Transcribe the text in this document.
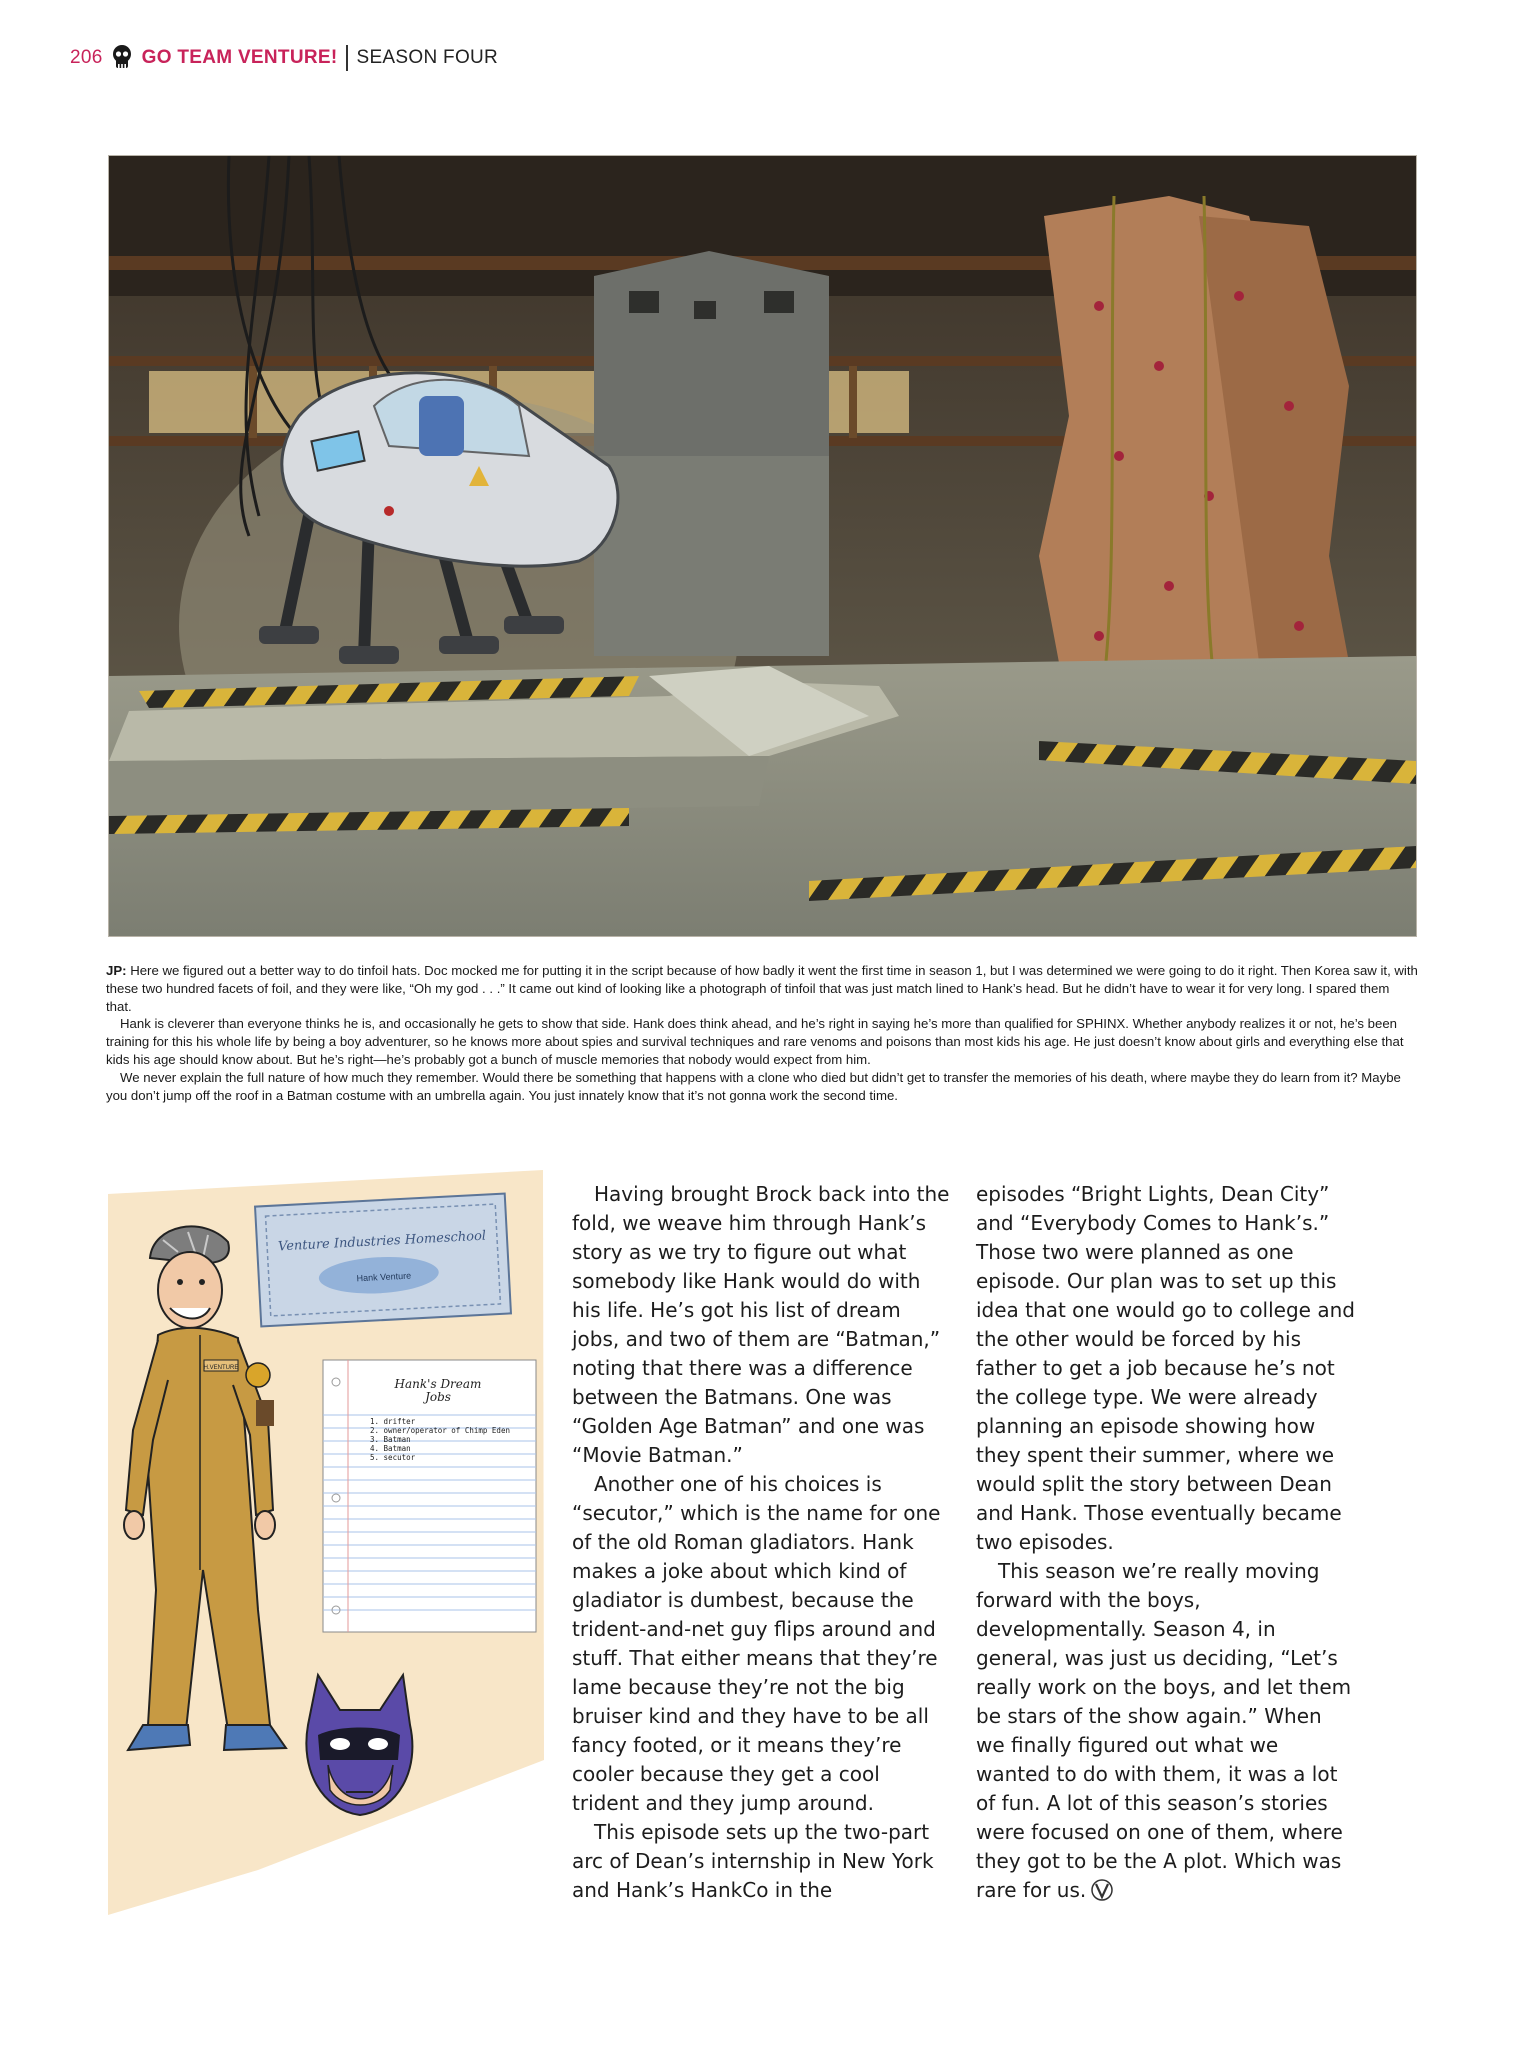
206 GO TEAM VENTURE! SEASON FOUR

JP: Here we figured out a better way to do tinfoil hats. Doc mocked me for putting it in the script because of how badly it went the first time in season 1, but I was determined we were going to do it right. Then Korea saw it, with these two hundred facets of foil, and they were like, “Oh my god . . .” It came out kind of looking like a photograph of tinfoil that was just match lined to Hank’s head. But he didn’t have to wear it for very long. I spared them that.

Hank is cleverer than everyone thinks he is, and occasionally he gets to show that side. Hank does think ahead, and he’s right in saying he’s more than qualified for SPHINX. Whether anybody realizes it or not, he’s been training for this his whole life by being a boy adventurer, so he knows more about spies and survival techniques and rare venoms and poisons than most kids his age. He just doesn’t know about girls and everything else that kids his age should know about. But he’s right—he’s probably got a bunch of muscle memories that nobody would expect from him.

We never explain the full nature of how much they remember. Would there be something that happens with a clone who died but didn’t get to transfer the memories of his death, where maybe they do learn from it? Maybe you don’t jump off the roof in a Batman costume with an umbrella again. You just innately know that it’s not gonna work the second time.

Venture Industries Homeschool
Hank Venture
Hank's Dream
Jobs
1. drifter
2. owner/operator of Chimp Eden
3. Batman
4. Batman
5. secutor
H.VENTURE

Having brought Brock back into the fold, we weave him through Hank’s story as we try to figure out what somebody like Hank would do with his life. He’s got his list of dream jobs, and two of them are “Batman,” noting that there was a difference between the Batmans. One was “Golden Age Batman” and one was “Movie Batman.”

Another one of his choices is “secutor,” which is the name for one of the old Roman gladiators. Hank makes a joke about which kind of gladiator is dumbest, because the trident-and-net guy flips around and stuff. That either means that they’re lame because they’re not the big bruiser kind and they have to be all fancy footed, or it means they’re cooler because they get a cool trident and they jump around.

This episode sets up the two-part arc of Dean’s internship in New York and Hank’s HankCo in the

episodes “Bright Lights, Dean City” and “Everybody Comes to Hank’s.” Those two were planned as one episode. Our plan was to set up this idea that one would go to college and the other would be forced by his father to get a job because he’s not the college type. We were already planning an episode showing how they spent their summer, where we would split the story between Dean and Hank. Those eventually became two episodes.

This season we’re really moving forward with the boys, developmentally. Season 4, in general, was just us deciding, “Let’s really work on the boys, and let them be stars of the show again.” When we finally figured out what we wanted to do with them, it was a lot of fun. A lot of this season’s stories were focused on one of them, where they got to be the A plot. Which was rare for us.
